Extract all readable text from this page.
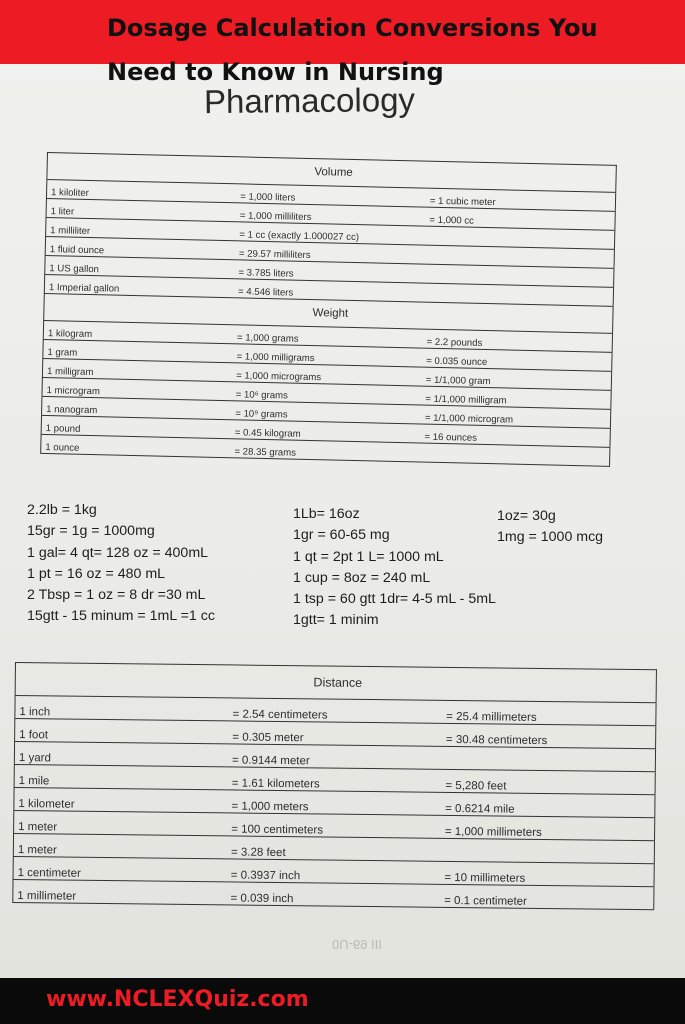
Dosage Calculation Conversions You Need to Know in Nursing
Pharmacology
Volume		
1 kiloliter	= 1,000 liters	= 1 cubic meter
1 liter	= 1,000 milliliters	= 1,000 cc
1 milliliter	= 1 cc (exactly 1.000027 cc)	
1 fluid ounce	= 29.57 milliliters	
1 US gallon	= 3.785 liters	
1 Imperial gallon	= 4.546 liters	
Weight		
1 kilogram	= 1,000 grams	= 2.2 pounds
1 gram	= 1,000 milligrams	= 0.035 ounce
1 milligram	= 1,000 micrograms	= 1/1,000 gram
1 microgram	= 10⁶ grams	= 1/1,000 milligram
1 nanogram	= 10⁹ grams	= 1/1,000 microgram
1 pound	= 0.45 kilogram	= 16 ounces
1 ounce	= 28.35 grams	
2.2lb = 1kg
15gr = 1g = 1000mg
1 gal= 4 qt= 128 oz = 400mL
1 pt = 16 oz = 480 mL
2 Tbsp = 1 oz = 8 dr =30 mL
15gtt - 15 minum = 1mL =1 cc
1Lb= 16oz
1gr = 60-65 mg
1 qt = 2pt 1 L= 1000 mL
1 cup = 8oz = 240 mL
1 tsp = 60 gtt 1dr= 4-5 mL - 5mL
1gtt= 1 minim
1oz= 30g
1mg = 1000 mcg
Distance		
1 inch	= 2.54 centimeters	= 25.4 millimeters
1 foot	= 0.305 meter	= 30.48 centimeters
1 yard	= 0.9144 meter	
1 mile	= 1.61 kilometers	= 5,280 feet
1 kilometer	= 1,000 meters	= 0.6214 mile
1 meter	= 100 centimeters	= 1,000 millimeters
1 meter	= 3.28 feet	
1 centimeter	= 0.3937 inch	= 10 millimeters
1 millimeter	= 0.039 inch	= 0.1 centimeter
0U-69 III
www.NCLEXQuiz.com
